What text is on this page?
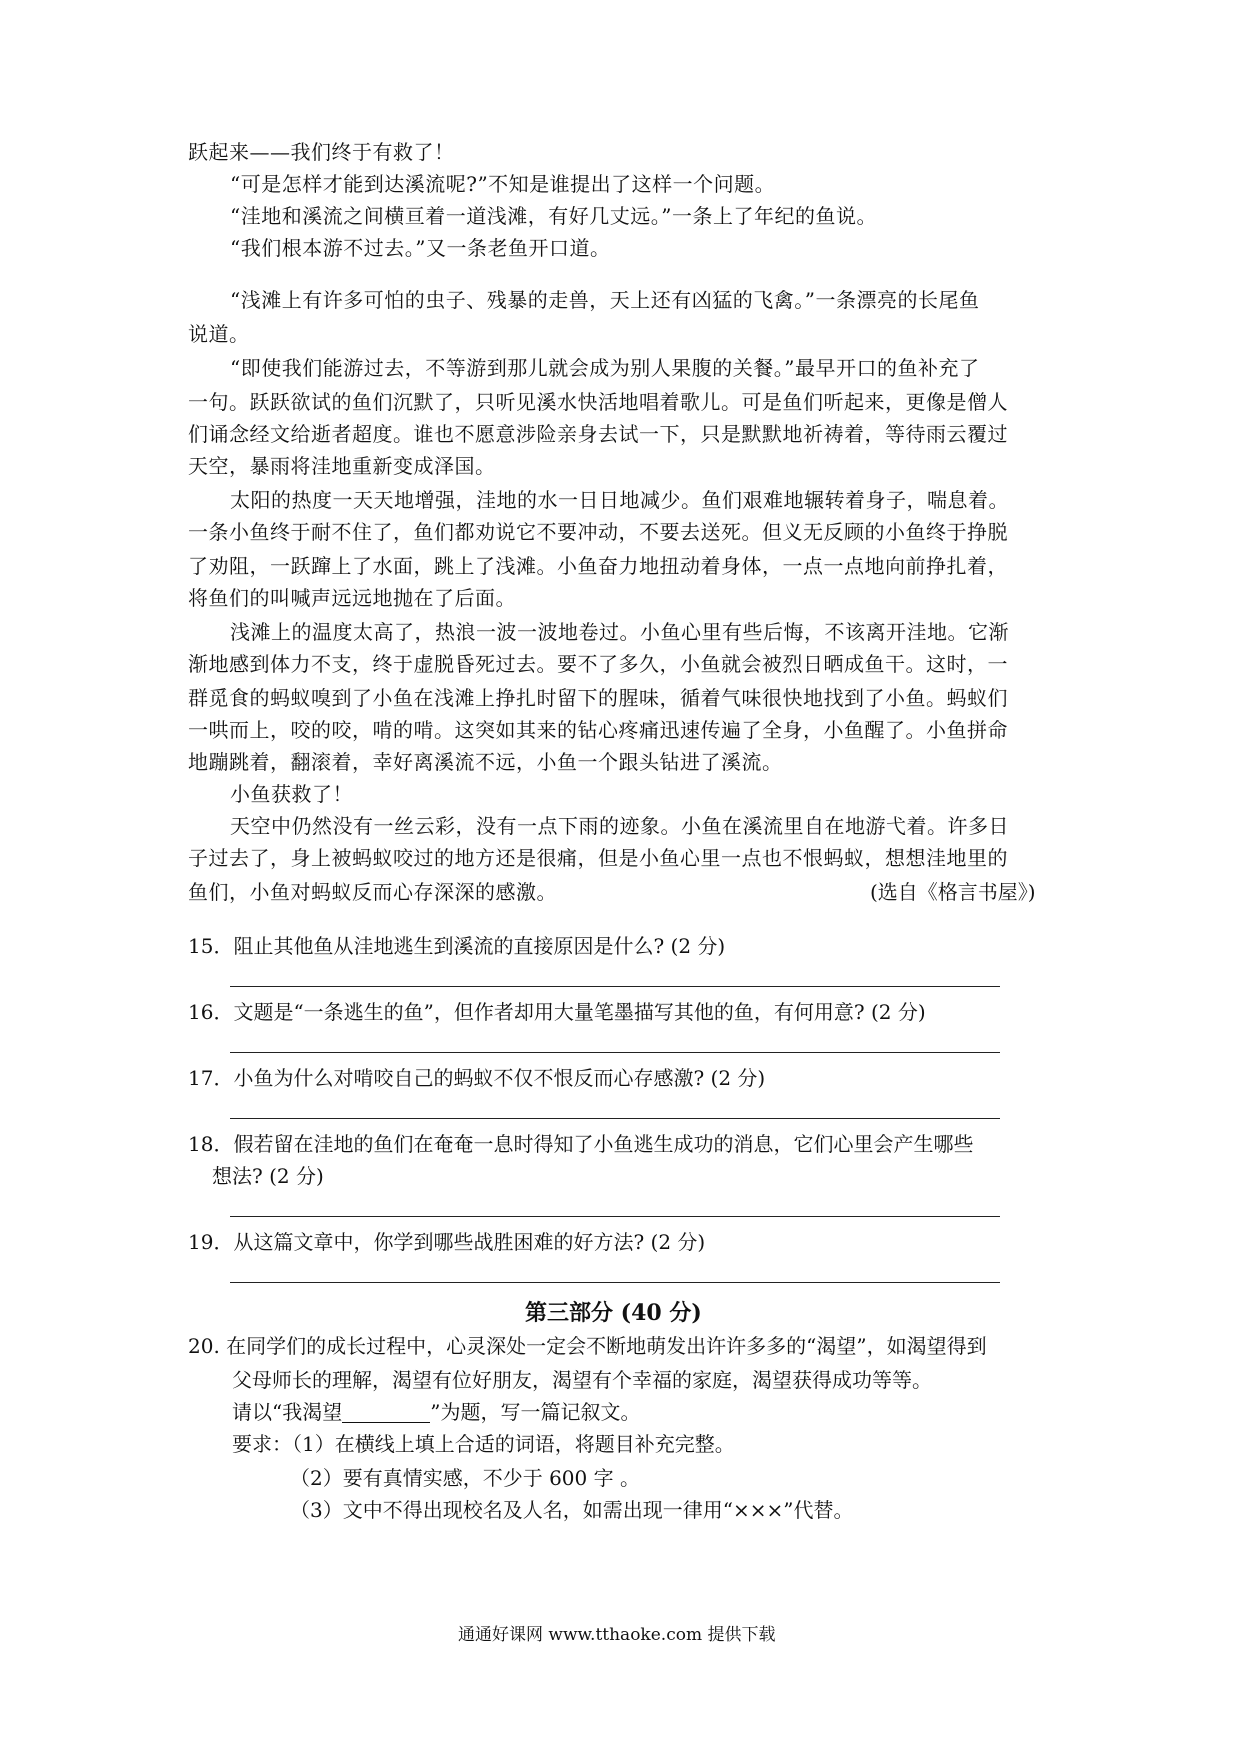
跃起来——我们终于有救了！
“可是怎样才能到达溪流呢?”不知是谁提出了这样一个问题。
“洼地和溪流之间横亘着一道浅滩，有好几丈远。”一条上了年纪的鱼说。
“我们根本游不过去。”又一条老鱼开口道。
“浅滩上有许多可怕的虫子、残暴的走兽，天上还有凶猛的飞禽。”一条漂亮的长尾鱼
说道。
“即使我们能游过去，不等游到那儿就会成为别人果腹的关餐。”最早开口的鱼补充了
一句。跃跃欲试的鱼们沉默了，只听见溪水快活地唱着歌儿。可是鱼们听起来，更像是僧人
们诵念经文给逝者超度。谁也不愿意涉险亲身去试一下，只是默默地祈祷着，等待雨云覆过
天空，暴雨将洼地重新变成泽国。
太阳的热度一天天地增强，洼地的水一日日地减少。鱼们艰难地辗转着身子，喘息着。
一条小鱼终于耐不住了，鱼们都劝说它不要冲动，不要去送死。但义无反顾的小鱼终于挣脱
了劝阻，一跃蹿上了水面，跳上了浅滩。小鱼奋力地扭动着身体，一点一点地向前挣扎着，
将鱼们的叫喊声远远地抛在了后面。
浅滩上的温度太高了，热浪一波一波地卷过。小鱼心里有些后悔，不该离开洼地。它渐
渐地感到体力不支，终于虚脱昏死过去。要不了多久，小鱼就会被烈日晒成鱼干。这时，一
群觅食的蚂蚁嗅到了小鱼在浅滩上挣扎时留下的腥味，循着气味很快地找到了小鱼。蚂蚁们
一哄而上，咬的咬，啃的啃。这突如其来的钻心疼痛迅速传遍了全身，小鱼醒了。小鱼拼命
地蹦跳着，翻滚着，幸好离溪流不远，小鱼一个跟头钻进了溪流。
小鱼获救了！
天空中仍然没有一丝云彩，没有一点下雨的迹象。小鱼在溪流里自在地游弋着。许多日
子过去了，身上被蚂蚁咬过的地方还是很痛，但是小鱼心里一点也不恨蚂蚁，想想洼地里的
鱼们，小鱼对蚂蚁反而心存深深的感激。	(选自《格言书屋》)
15．阻止其他鱼从洼地逃生到溪流的直接原因是什么? (2 分)
16．文题是“一条逃生的鱼”，但作者却用大量笔墨描写其他的鱼，有何用意? (2 分)
17．小鱼为什么对啃咬自己的蚂蚁不仅不恨反而心存感激? (2 分)
18．假若留在洼地的鱼们在奄奄一息时得知了小鱼逃生成功的消息，它们心里会产生哪些
想法? (2 分)
19．从这篇文章中，你学到哪些战胜困难的好方法? (2 分)
第三部分 (40 分)
20. 在同学们的成长过程中，心灵深处一定会不断地萌发出许许多多的“渴望”，如渴望得到
父母师长的理解，渴望有位好朋友，渴望有个幸福的家庭，渴望获得成功等等。
请以“我渴望	”为题，写一篇记叙文。
要求：（1）在横线上填上合适的词语，将题目补充完整。
（2）要有真情实感，不少于 600 字 。
（3）文中不得出现校名及人名，如需出现一律用“×××”代替。
通通好课网 www.tthaoke.com 提供下载
